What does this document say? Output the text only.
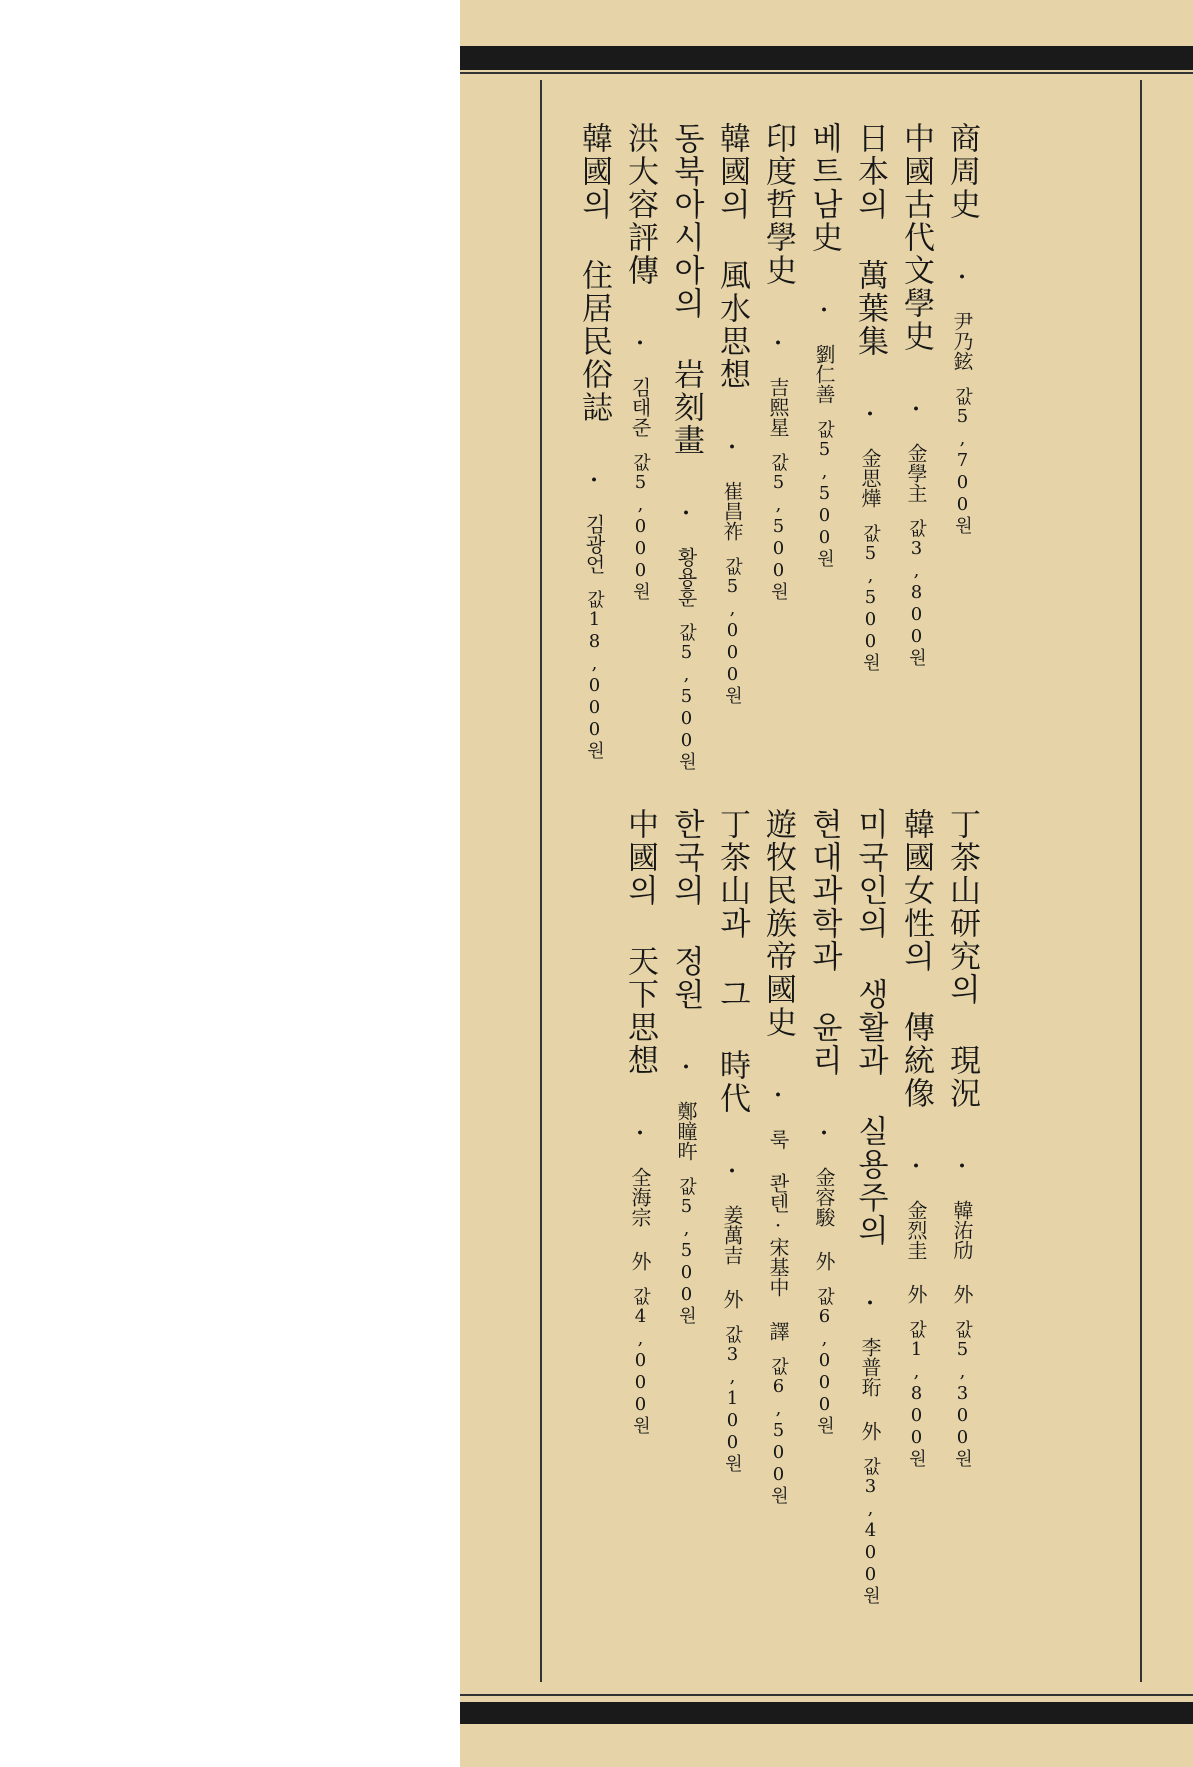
商周史 ·尹乃鉉값5,700원
中國古代文學史 ·金學主값3,800원
日本의 萬葉集 ·金思燁값5,500원
베트남史 ·劉仁善값5,500원
印度哲學史 ·吉熙星값5,500원
韓國의 風水思想 ·崔昌祚값5,000원
동북아시아의 岩刻畫 ·황용훈값5,500원
洪大容評傳 ·김태준값5,000원
韓國의 住居民俗誌 ·김광언값18,000원
丁茶山研究의 現況 ·韓㳓劤 外값5,300원
韓國女性의 傳統像 ·金烈圭 外값1,800원
미국인의 생활과 실용주의 ·李普珩 外값3,400원
현대과학과 윤리 ·金容駿 外값6,000원
遊牧民族帝國史 ·룩 콴텐·宋基中 譯값6,500원
丁茶山과 그 時代 ·姜萬吉 外값3,100원
한국의 정원 ·鄭瞳旿값5,500원
中國의 天下思想 ·全海宗 外값4,000원
